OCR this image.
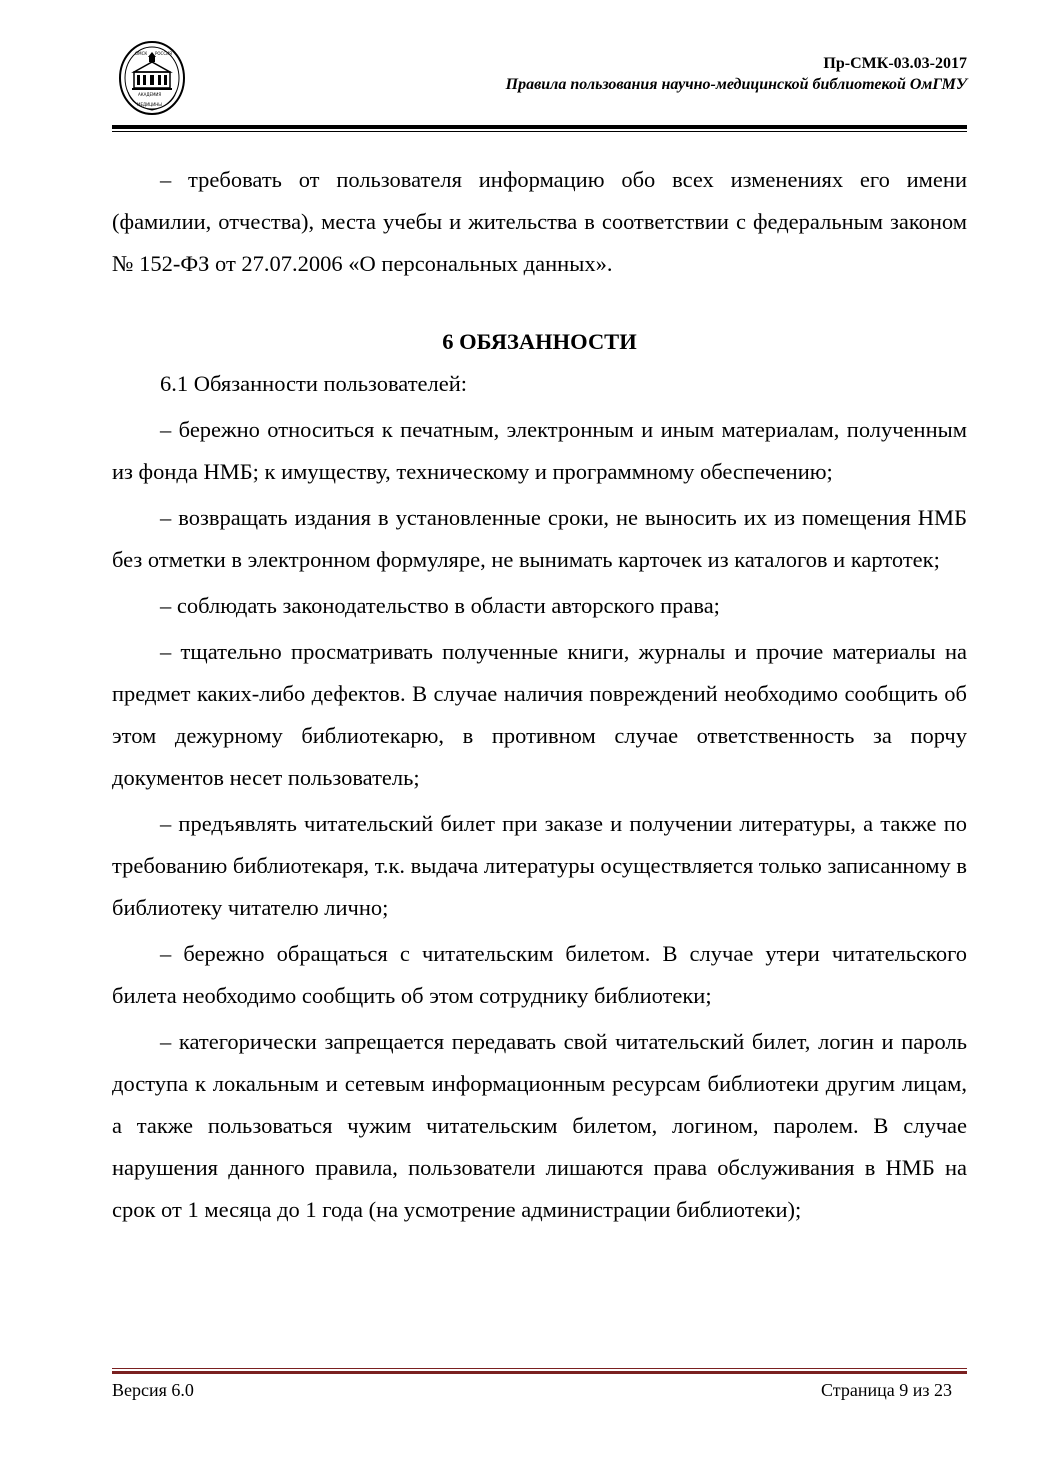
ОМСК РОССИЯ
АКАДЕМИЯ
МЕДИЦИНЫ
Пр-СМК-03.03-2017
Правила пользования научно-медицинской библиотекой ОмГМУ

– требовать от пользователя информацию обо всех изменениях его имени (фамилии, отчества), места учебы и жительства в соответствии с федеральным законом № 152-ФЗ от 27.07.2006 «О персональных данных».

6 ОБЯЗАННОСТИ

6.1 Обязанности пользователей:

– бережно относиться к печатным, электронным и иным материалам, полученным из фонда НМБ; к имуществу, техническому и программному обеспечению;

– возвращать издания в установленные сроки, не выносить их из помещения НМБ без отметки в электронном формуляре, не вынимать карточек из каталогов и картотек;

– соблюдать законодательство в области авторского права;

– тщательно просматривать полученные книги, журналы и прочие материалы на предмет каких-либо дефектов. В случае наличия повреждений необходимо сообщить об этом дежурному библиотекарю, в противном случае ответственность за порчу документов несет пользователь;

– предъявлять читательский билет при заказе и получении литературы, а также по требованию библиотекаря, т.к. выдача литературы осуществляется только записанному в библиотеку читателю лично;

– бережно обращаться с читательским билетом. В случае утери читательского билета необходимо сообщить об этом сотруднику библиотеки;

– категорически запрещается передавать свой читательский билет, логин и пароль доступа к локальным и сетевым информационным ресурсам библиотеки другим лицам, а также пользоваться чужим читательским билетом, логином, паролем. В случае нарушения данного правила, пользователи лишаются права обслуживания в НМБ на срок от 1 месяца до 1 года (на усмотрение администрации библиотеки);

Версия 6.0	Страница 9 из 23
